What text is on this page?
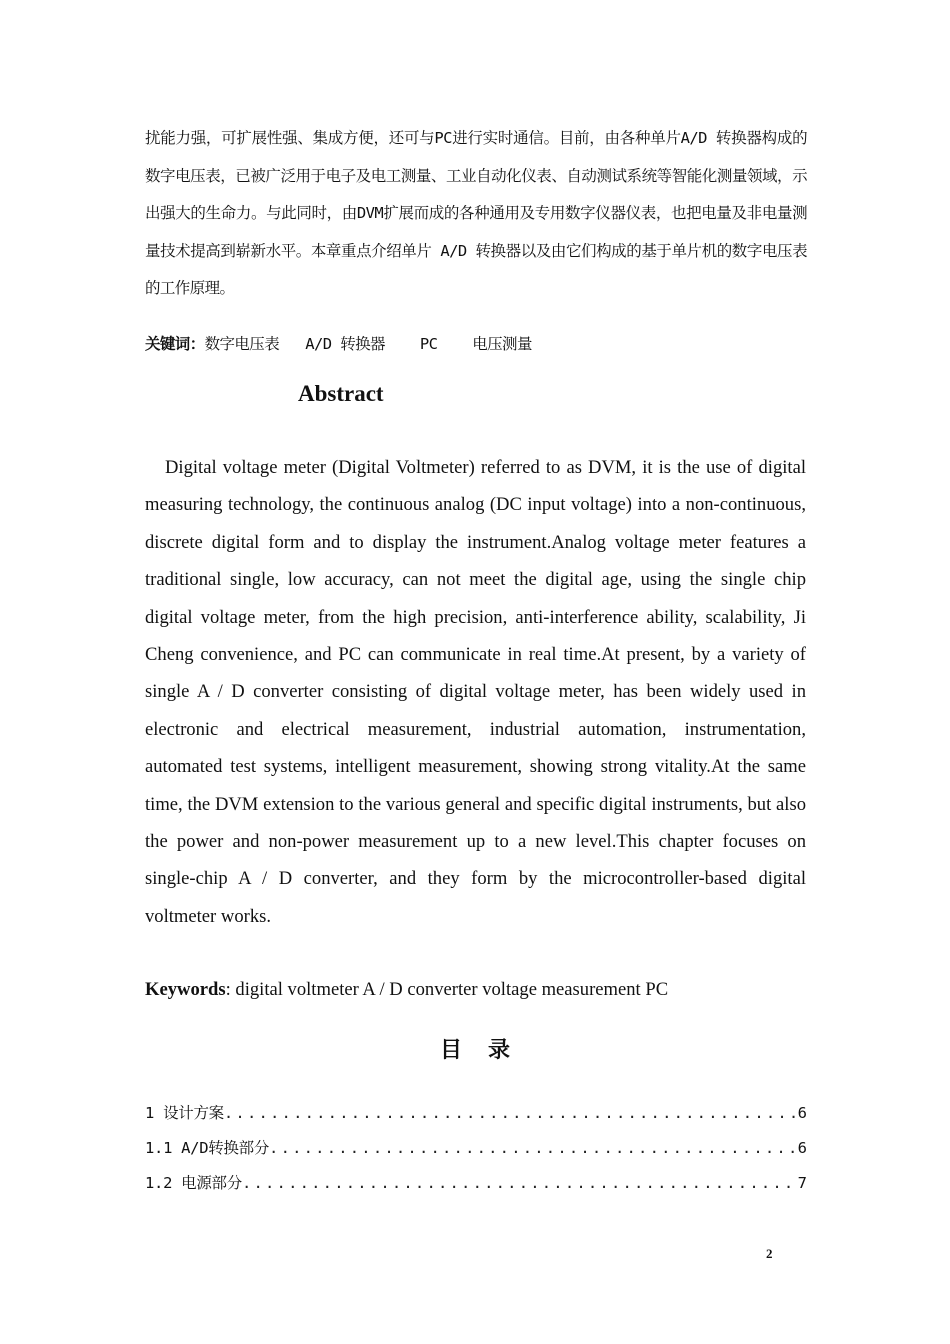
扰能力强，可扩展性强、集成方便，还可与PC进行实时通信。目前，由各种单片A/D 转换器构成的数字电压表，已被广泛用于电子及电工测量、工业自动化仪表、自动测试系统等智能化测量领域，示出强大的生命力。与此同时，由DVM扩展而成的各种通用及专用数字仪器仪表，也把电量及非电量测量技术提高到崭新水平。本章重点介绍单片 A/D 转换器以及由它们构成的基于单片机的数字电压表的工作原理。
关键词：数字电压表   A/D 转换器    PC    电压测量
Abstract
Digital voltage meter (Digital Voltmeter) referred to as DVM, it is the use of digital measuring technology, the continuous analog (DC input voltage) into a non-continuous, discrete digital form and to display the instrument.Analog voltage meter features a traditional single, low accuracy, can not meet the digital age, using the single chip digital voltage meter, from the high precision, anti-interference ability, scalability, Ji Cheng convenience, and PC can communicate in real time.At present, by a variety of single A / D converter consisting of digital voltage meter, has been widely used in electronic and electrical measurement, industrial automation, instrumentation, automated test systems, intelligent measurement, showing strong vitality.At the same time, the DVM extension to the various general and specific digital instruments, but also the power and non-power measurement up to a new level.This chapter focuses on single-chip A / D converter, and they form by the microcontroller-based digital voltmeter works.
Keywords: digital voltmeter A / D converter voltage measurement PC
目录
1 设计方案 .....	6
1.1 A/D转换部分 .....	6
1.2 电源部分 .....	7
2
